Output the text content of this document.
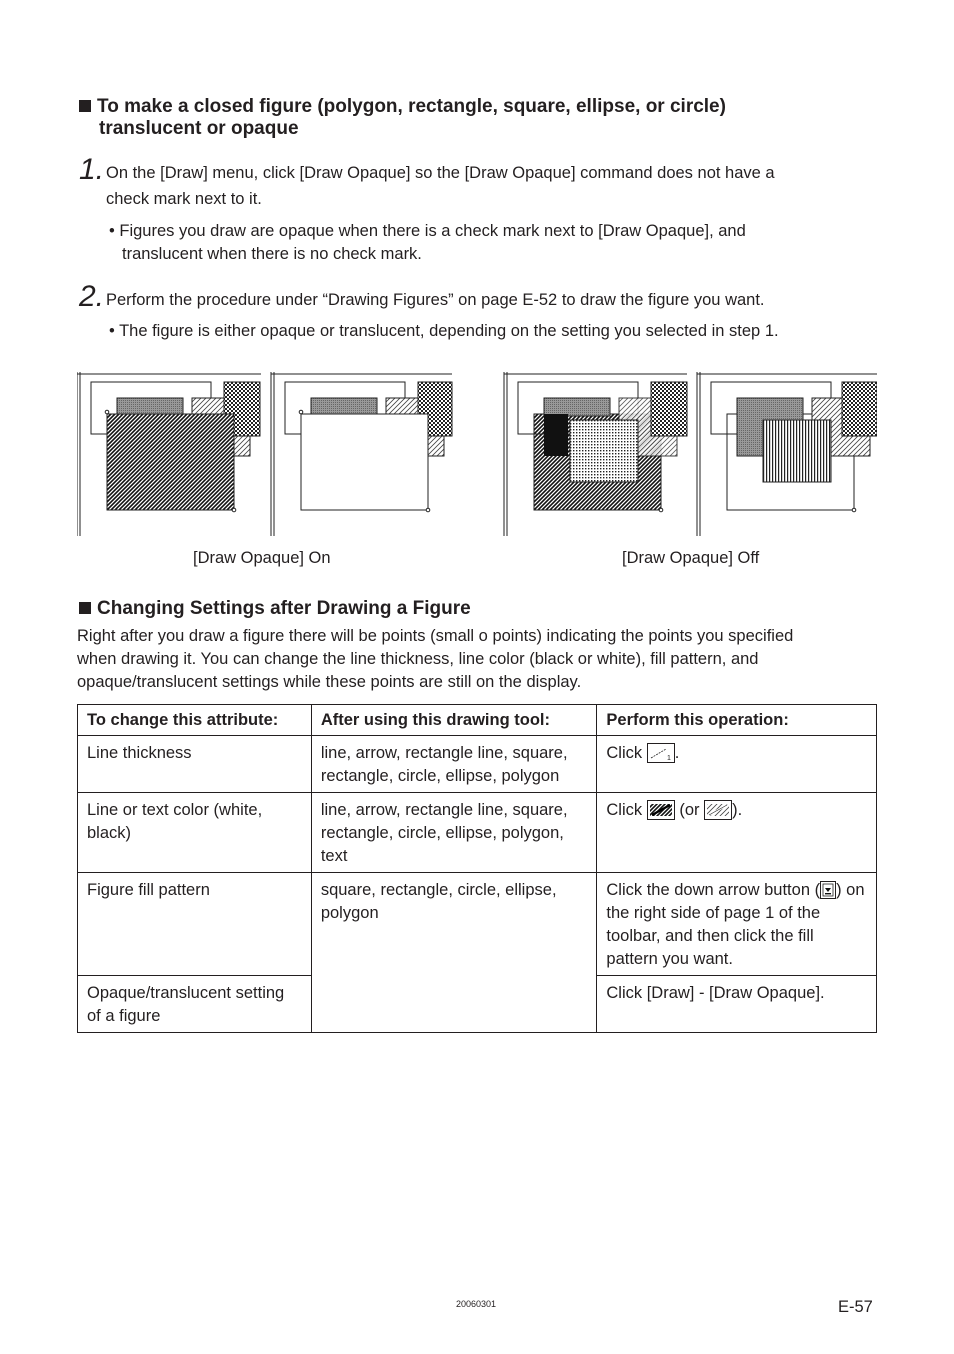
To make a closed figure (polygon, rectangle, square, ellipse, or circle)
translucent or opaque
1. On the [Draw] menu, click [Draw Opaque] so the [Draw Opaque] command does not have a
check mark next to it.
• Figures you draw are opaque when there is a check mark next to [Draw Opaque], and
translucent when there is no check mark.
2. Perform the procedure under “Drawing Figures” on page E-52 to draw the figure you want.
• The figure is either opaque or translucent, depending on the setting you selected in step 1.
[Draw Opaque] On	[Draw Opaque] Off
Changing Settings after Drawing a Figure
Right after you draw a figure there will be points (small o points) indicating the points you specified
when drawing it. You can change the line thickness, line color (black or white), fill pattern, and
opaque/translucent settings while these points are still on the display.
To change this attribute:	After using this drawing tool:	Perform this operation:
Line thickness	line, arrow, rectangle line, square, rectangle, circle, ellipse, polygon	Click 1 .
Line or text color (white, black)	line, arrow, rectangle line, square, rectangle, circle, ellipse, polygon, text	Click (or ).
Figure fill pattern	square, rectangle, circle, ellipse, polygon	Click the down arrow button ( ) on the right side of page 1 of the toolbar, and then click the fill pattern you want.
Opaque/translucent setting of a figure		Click [Draw] - [Draw Opaque].
20060301	E-57
